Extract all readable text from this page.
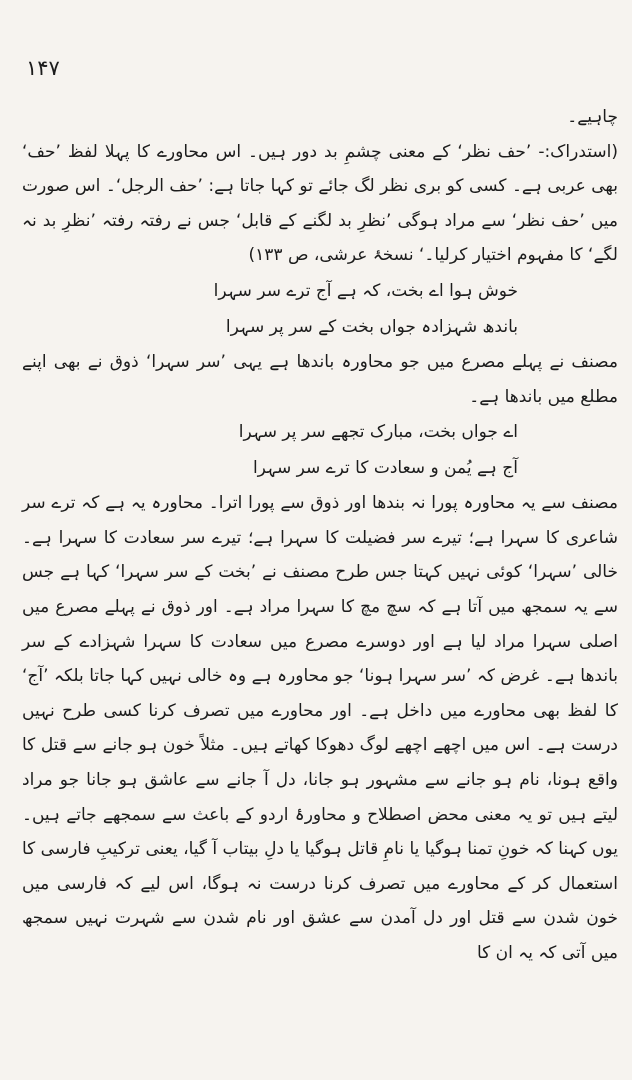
۱۴۷

چاہیے۔

(استدراک:- ’حف نظر‘ کے معنی چشمِ بد دور ہیں۔ اس محاورے کا پہلا لفظ ’حف‘ بھی عربی ہے۔ کسی کو بری نظر لگ جائے تو کہا جاتا ہے: ’حف الرجل‘۔ اس صورت میں ’حف نظر‘ سے مراد ہوگی ’نظرِ بد لگنے کے قابل‘ جس نے رفتہ رفتہ ’نظرِ بد نہ لگے‘ کا مفہوم اختیار کرلیا۔‘ نسخۂ عرشی، ص ۱۳۳)

خوش ہوا اے بخت، کہ ہے آج ترے سر سہرا
باندھ شہزادہ جواں بخت کے سر پر سہرا

مصنف نے پہلے مصرع میں جو محاورہ باندھا ہے یہی ’سر سہرا‘ ذوق نے بھی اپنے مطلع میں باندھا ہے۔

اے جواں بخت، مبارک تجھے سر پر سہرا
آج ہے یُمن و سعادت کا ترے سر سہرا

مصنف سے یہ محاورہ پورا نہ بندھا اور ذوق سے پورا اترا۔ محاورہ یہ ہے کہ ترے سر شاعری کا سہرا ہے؛ تیرے سر فضیلت کا سہرا ہے؛ تیرے سر سعادت کا سہرا ہے۔ خالی ’سہرا‘ کوئی نہیں کہتا جس طرح مصنف نے ’بخت کے سر سہرا‘ کہا ہے جس سے یہ سمجھ میں آتا ہے کہ سچ مچ کا سہرا مراد ہے۔ اور ذوق نے پہلے مصرع میں اصلی سہرا مراد لیا ہے اور دوسرے مصرع میں سعادت کا سہرا شہزادے کے سر باندھا ہے۔ غرض کہ ’سر سہرا ہونا‘ جو محاورہ ہے وہ خالی نہیں کہا جاتا بلکہ ’آج‘ کا لفظ بھی محاورے میں داخل ہے۔ اور محاورے میں تصرف کرنا کسی طرح نہیں درست ہے۔ اس میں اچھے اچھے لوگ دھوکا کھاتے ہیں۔ مثلاً خون ہو جانے سے قتل کا واقع ہونا، نام ہو جانے سے مشہور ہو جانا، دل آ جانے سے عاشق ہو جانا جو مراد لیتے ہیں تو یہ معنی محض اصطلاح و محاورۂ اردو کے باعث سے سمجھے جاتے ہیں۔ یوں کہنا کہ خونِ تمنا ہوگیا یا نامِ قاتل ہوگیا یا دلِ بیتاب آ گیا، یعنی ترکیبِ فارسی کا استعمال کر کے محاورے میں تصرف کرنا درست نہ ہوگا، اس لیے کہ فارسی میں خون شدن سے قتل اور دل آمدن سے عشق اور نام شدن سے شہرت نہیں سمجھ میں آتی کہ یہ ان کا
